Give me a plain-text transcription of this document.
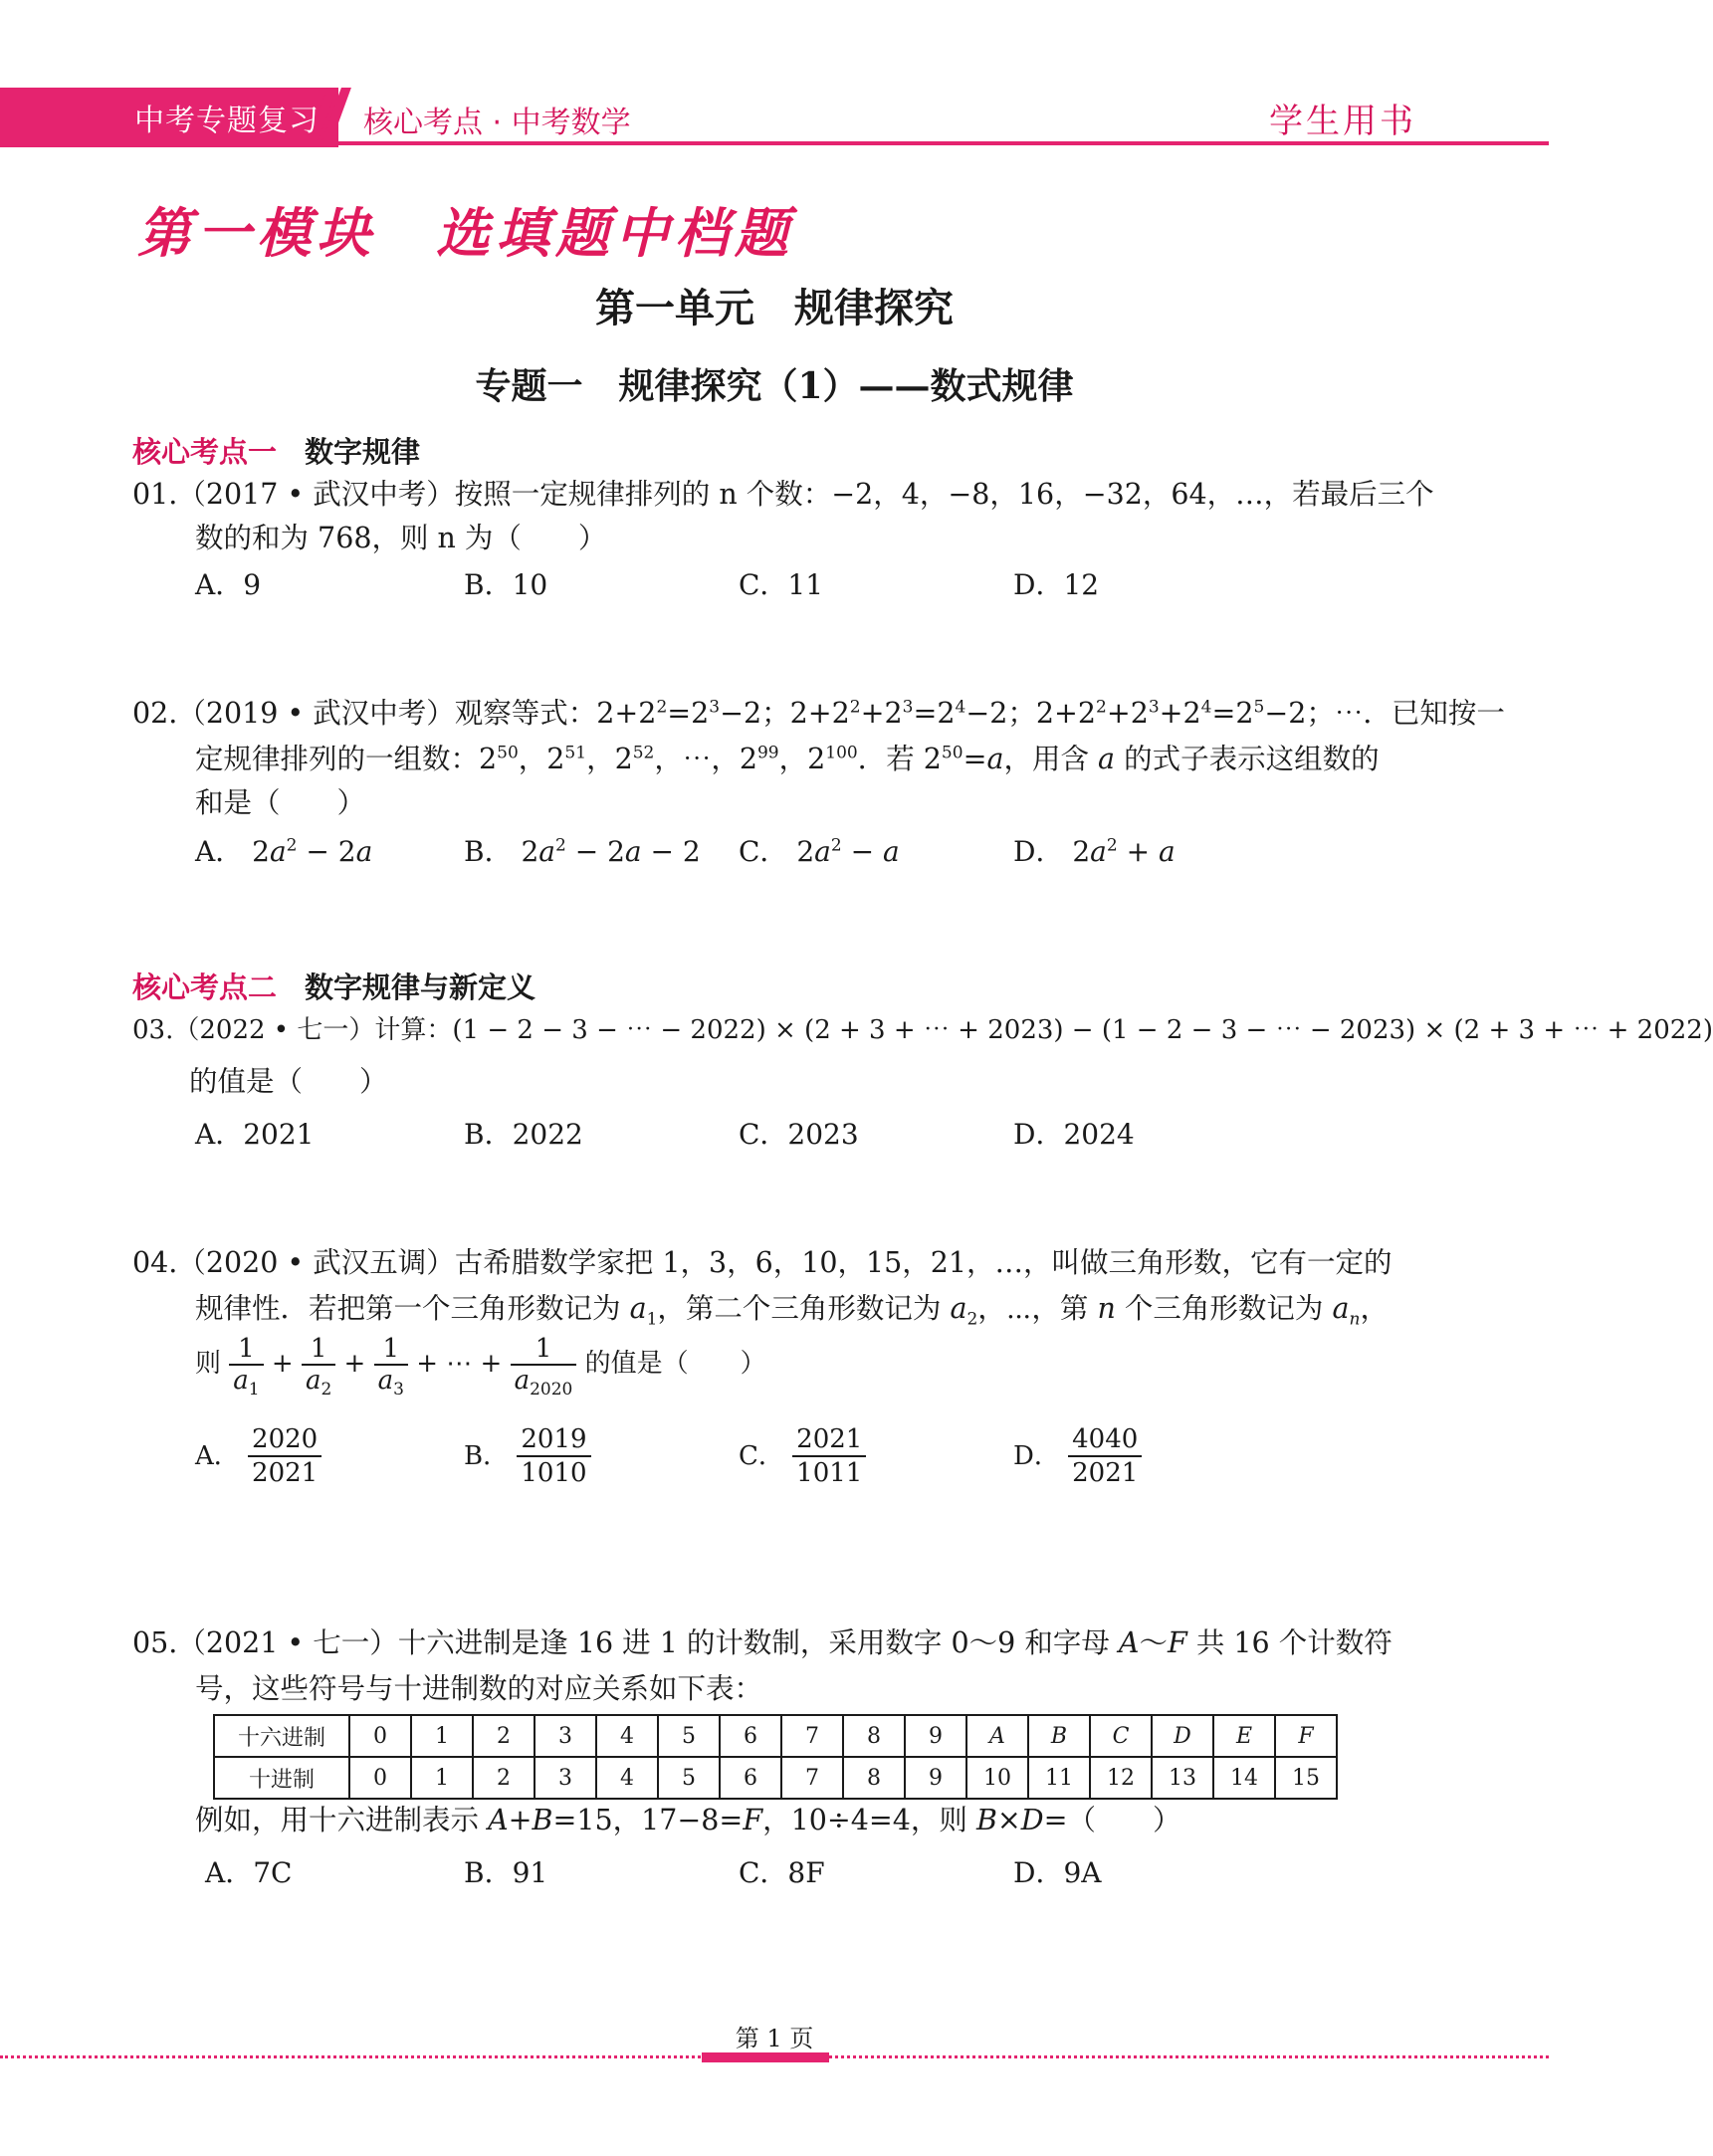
中考专题复习 核心考点 · 中考数学	学生用书
第一模块　选填题中档题
第一单元　规律探究
专题一　规律探究（1）——数式规律
核心考点一 数字规律
01.（2017 • 武汉中考）按照一定规律排列的 n 个数：−2，4，−8，16，−32，64，…，若最后三个
数的和为 768，则 n 为（　　）
A．9	B．10	C．11	D．12
02.（2019 • 武汉中考）观察等式：$2+2^2=2^3-2$；$2+2^2+2^3=2^4-2$；$2+2^2+2^3+2^4=2^5-2$；⋯．已知按一
定规律排列的一组数：$2^{50}$，$2^{51}$，$2^{52}$，⋯，$2^{99}$，$2^{100}$．若 $2^{50}=a$，用含 a 的式子表示这组数的
和是（　　）
A． $2a^2 - 2a$	B． $2a^2 - 2a - 2$ C． $2a^2 - a$	D． $2a^2 + a$
核心考点二 数字规律与新定义
03.（2022 • 七一）计算：(1 − 2 − 3 − ⋯ − 2022) × (2 + 3 + ⋯ + 2023) − (1 − 2 − 3 − ⋯ − 2023) × (2 + 3 + ⋯ + 2022)
的值是（　　）
A．2021	B．2022	C．2023	D．2024
04.（2020 • 武汉五调）古希腊数学家把 1，3，6，10，15，21，…，叫做三角形数，它有一定的
规律性．若把第一个三角形数记为 $a_1$，第二个三角形数记为 $a_2$，⋯，第 n 个三角形数记为 $a_n$，
则 $\frac{1}{a_1} + \frac{1}{a_2} + \frac{1}{a_3}$ + ⋯ + $\frac{1}{a_{2020}}$ 的值是（　　）
A． $\frac{2020}{2021}$	B． $\frac{2019}{1010}$	C． $\frac{2021}{1011}$	D． $\frac{4040}{2021}$
05.（2021 • 七一）十六进制是逢 16 进 1 的计数制，采用数字 0～9 和字母 A～F 共 16 个计数符
号，这些符号与十进制数的对应关系如下表：
十六进制	0	1	2	3	4	5	6	7	8	9	A	B	C	D	E	F
十进制	0	1	2	3	4	5	6	7	8	9	10	11	12	13	14	15
例如，用十六进制表示 A+B=15，17−8=F，10÷4=4，则 B×D=（　　）
A．7C	B．91	C．8F	D．9A
第 1 页
